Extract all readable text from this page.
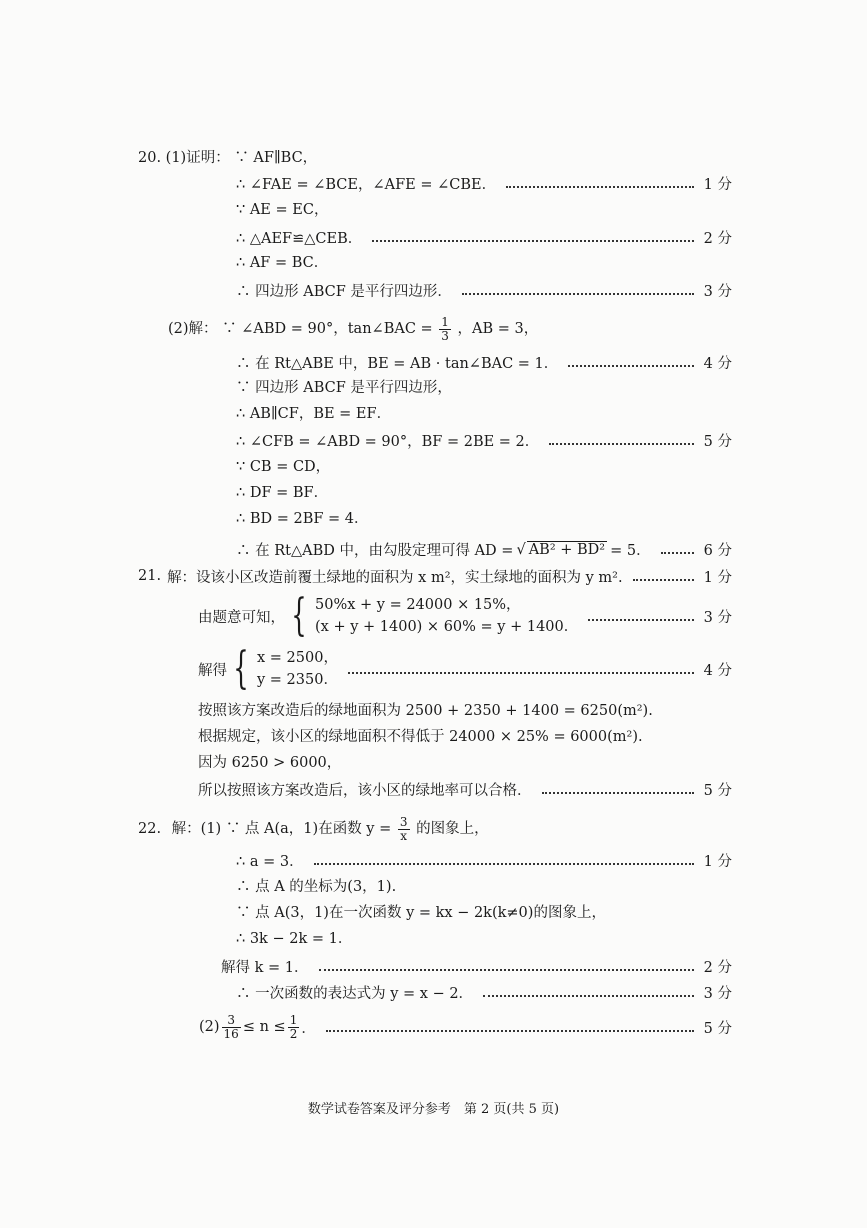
20. (1)证明： ∵ AF∥BC，
∴ ∠FAE = ∠BCE，∠AFE = ∠CBE．	1 分
∵ AE = EC，
∴ △AEF≌△CEB．	2 分
∴ AF = BC．
∴ 四边形 ABCF 是平行四边形．	3 分
(2)解： ∵ ∠ABD = 90°，tan∠BAC = $\frac{1}{3}$ ，AB = 3，
∴ 在 Rt△ABE 中，BE = AB · tan∠BAC = 1．	4 分
∵ 四边形 ABCF 是平行四边形，
∴ AB∥CF，BE = EF．
∴ ∠CFB = ∠ABD = 90°，BF = 2BE = 2．	5 分
∵ CB = CD，
∴ DF = BF．
∴ BD = 2BF = 4．
∴ 在 Rt△ABD 中，由勾股定理可得 AD = √ AB² + BD² = 5．	6 分
21. 解：设该小区改造前覆土绿地的面积为 x m²，实土绿地的面积为 y m².	1 分
由题意可知， { 50%x + y = 24000 × 15%，
(x + y + 1400) × 60% = y + 1400．
3 分
解得 { x = 2500，
y = 2350．
4 分
按照该方案改造后的绿地面积为 2500 + 2350 + 1400 = 6250(m²).
根据规定，该小区的绿地面积不得低于 24000 × 25% = 6000(m²).
因为 6250 > 6000，
所以按照该方案改造后，该小区的绿地率可以合格．	5 分
22. 解：(1) ∵ 点 A(a，1)在函数 $y = \frac{3}{x}$ 的图象上，
∴ a = 3．	1 分
∴ 点 A 的坐标为(3，1).
∵ 点 A(3，1)在一次函数 y = kx − 2k(k≠0)的图象上，
∴ 3k − 2k = 1．
解得 k = 1．	2 分
∴ 一次函数的表达式为 y = x − 2．	3 分
$(2) \frac{3}{16} \le n \le \frac{1}{2}$ ．	5 分
数学试卷答案及评分参考　第 2 页(共 5 页)
